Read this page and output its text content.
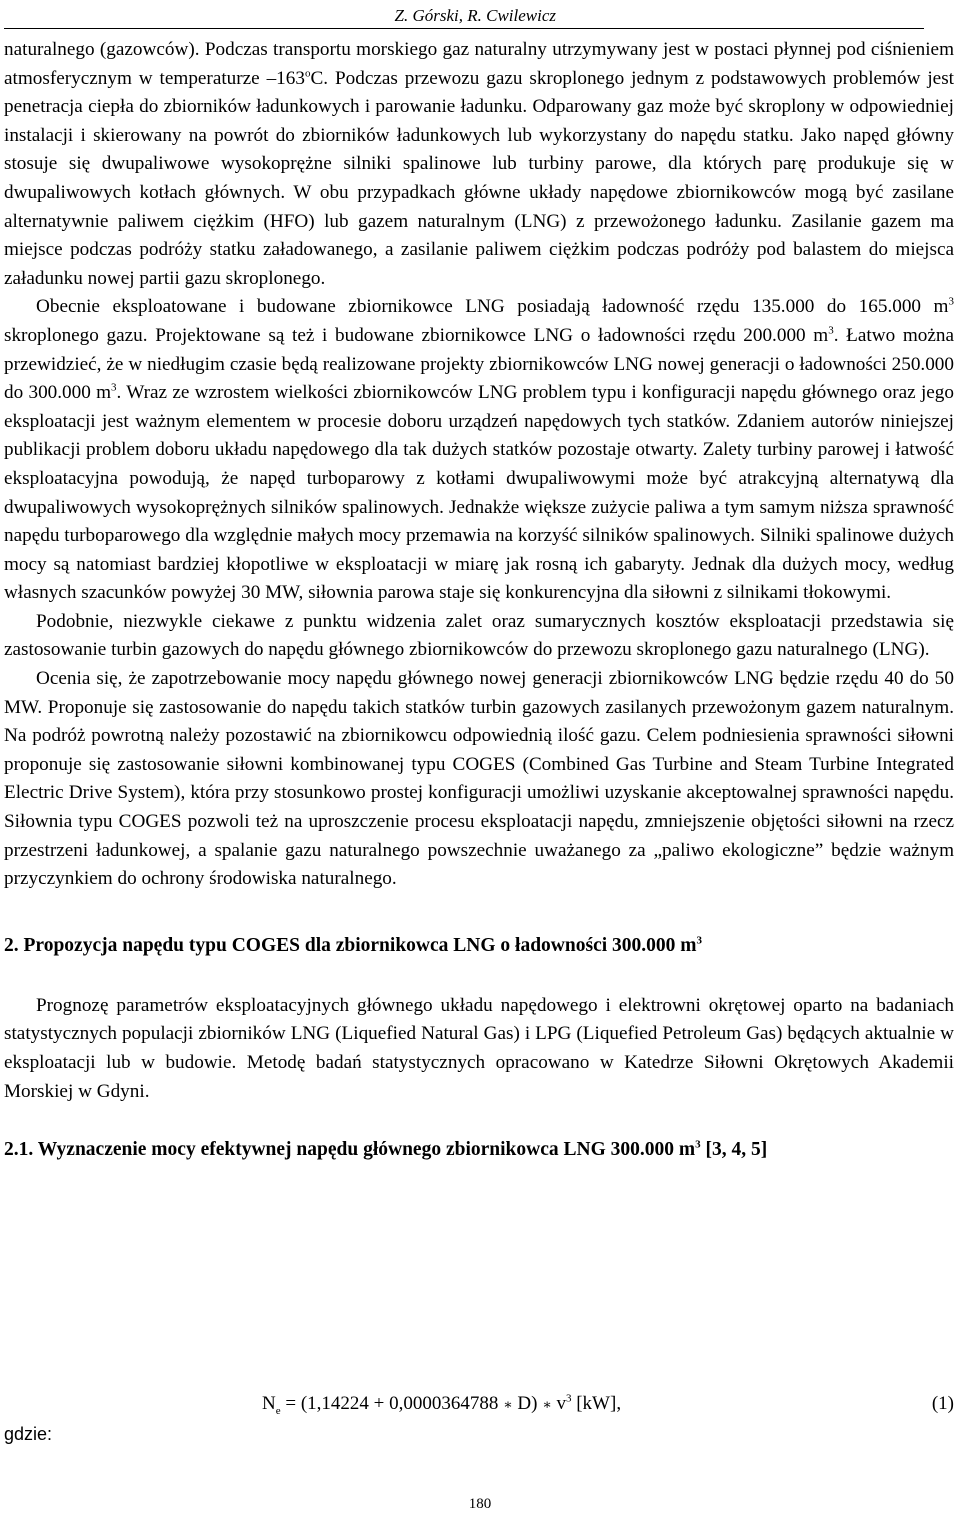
Z. Górski, R. Cwilewicz

naturalnego (gazowców). Podczas transportu morskiego gaz naturalny utrzymywany jest w postaci płynnej pod ciśnieniem atmosferycznym w temperaturze –163$^o$C. Podczas przewozu gazu skroplonego jednym z podstawowych problemów jest penetracja ciepła do zbiorników ładunkowych i parowanie ładunku. Odparowany gaz może być skroplony w odpowiedniej instalacji i skierowany na powrót do zbiorników ładunkowych lub wykorzystany do napędu statku. Jako napęd główny stosuje się dwupaliwowe wysokoprężne silniki spalinowe lub turbiny parowe, dla których parę produkuje się w dwupaliwowych kotłach głównych. W obu przypadkach główne układy napędowe zbiornikowców mogą być zasilane alternatywnie paliwem ciężkim (HFO) lub gazem naturalnym (LNG) z przewożonego ładunku. Zasilanie gazem ma miejsce podczas podróży statku załadowanego, a zasilanie paliwem ciężkim podczas podróży pod balastem do miejsca załadunku nowej partii gazu skroplonego.

Obecnie eksploatowane i budowane zbiornikowce LNG posiadają ładowność rzędu 135.000 do 165.000 $m^3$ skroplonego gazu. Projektowane są też i budowane zbiornikowce LNG o ładowności rzędu 200.000 $m^3$. Łatwo można przewidzieć, że w niedługim czasie będą realizowane projekty zbiornikowców LNG nowej generacji o ładowności 250.000 do 300.000 $m^3$. Wraz ze wzrostem wielkości zbiornikowców LNG problem typu i konfiguracji napędu głównego oraz jego eksploatacji jest ważnym elementem w procesie doboru urządzeń napędowych tych statków. Zdaniem autorów niniejszej publikacji problem doboru układu napędowego dla tak dużych statków pozostaje otwarty. Zalety turbiny parowej i łatwość eksploatacyjna powodują, że napęd turboparowy z kotłami dwupaliwowymi może być atrakcyjną alternatywą dla dwupaliwowych wysokoprężnych silników spalinowych. Jednakże większe zużycie paliwa a tym samym niższa sprawność napędu turboparowego dla względnie małych mocy przemawia na korzyść silników spalinowych. Silniki spalinowe dużych mocy są natomiast bardziej kłopotliwe w eksploatacji w miarę jak rosną ich gabaryty. Jednak dla dużych mocy, według własnych szacunków powyżej 30 MW, siłownia parowa staje się konkurencyjna dla siłowni z silnikami tłokowymi.

Podobnie, niezwykle ciekawe z punktu widzenia zalet oraz sumarycznych kosztów eksploatacji przedstawia się zastosowanie turbin gazowych do napędu głównego zbiornikowców do przewozu skroplonego gazu naturalnego (LNG).

Ocenia się, że zapotrzebowanie mocy napędu głównego nowej generacji zbiornikowców LNG będzie rzędu 40 do 50 MW. Proponuje się zastosowanie do napędu takich statków turbin gazowych zasilanych przewożonym gazem naturalnym. Na podróż powrotną należy pozostawić na zbiornikowcu odpowiednią ilość gazu. Celem podniesienia sprawności siłowni proponuje się zastosowanie siłowni kombinowanej typu COGES (Combined Gas Turbine and Steam Turbine Integrated Electric Drive System), która przy stosunkowo prostej konfiguracji umożliwi uzyskanie akceptowalnej sprawności napędu. Siłownia typu COGES pozwoli też na uproszczenie procesu eksploatacji napędu, zmniejszenie objętości siłowni na rzecz przestrzeni ładunkowej, a spalanie gazu naturalnego powszechnie uważanego za „paliwo ekologiczne” będzie ważnym przyczynkiem do ochrony środowiska naturalnego.

2. Propozycja napędu typu COGES dla zbiornikowca LNG o ładowności 300.000 $m^3$

Prognozę parametrów eksploatacyjnych głównego układu napędowego i elektrowni okrętowej oparto na badaniach statystycznych populacji zbiorników LNG (Liquefied Natural Gas) i LPG (Liquefied Petroleum Gas) będących aktualnie w eksploatacji lub w budowie. Metodę badań statystycznych opracowano w Katedrze Siłowni Okrętowych Akademii Morskiej w Gdyni.

2.1. Wyznaczenie mocy efektywnej napędu głównego zbiornikowca LNG 300.000 $m^3$ [3, 4, 5]
$N_e = (1,14224 + 0,0000364788$ ∗ D) ∗ $v^3$ [kW],	(1)
gdzie:
180
